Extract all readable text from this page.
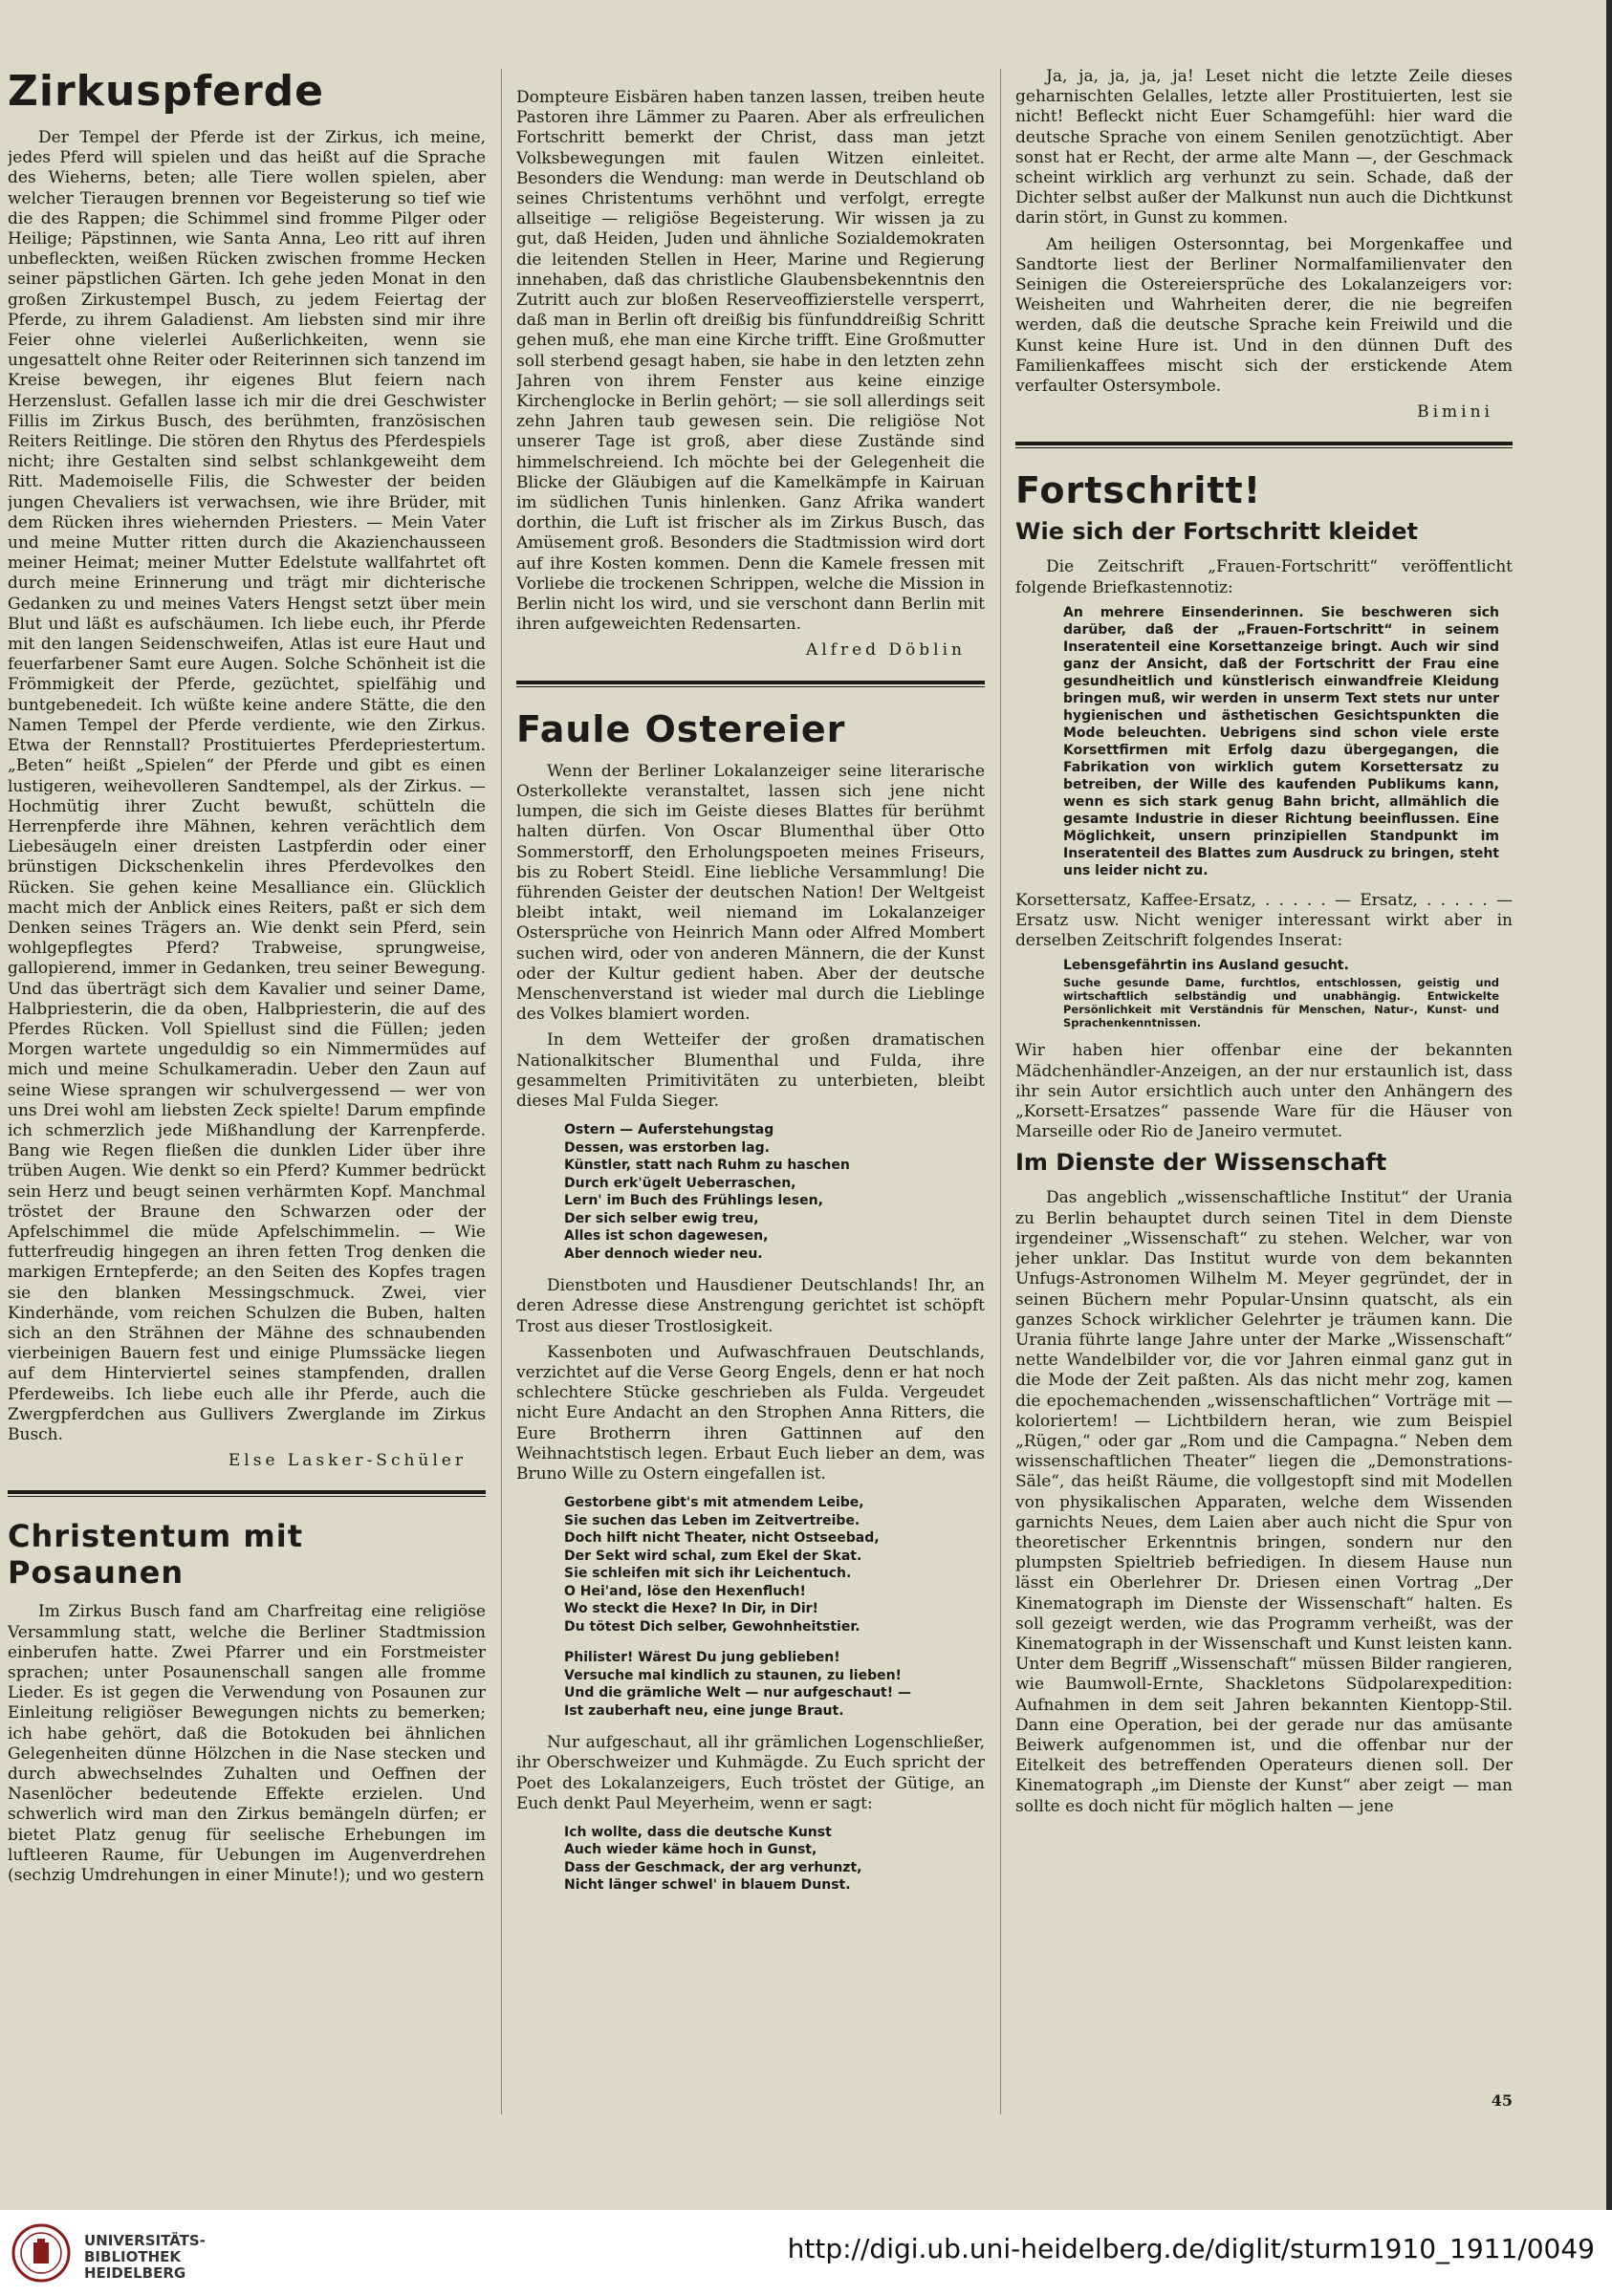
Zirkuspferde

Der Tempel der Pferde ist der Zirkus, ich meine, jedes Pferd will spielen und das heißt auf die Sprache des Wieherns, beten; alle Tiere wollen spielen, aber welcher Tieraugen brennen vor Begeisterung so tief wie die des Rappen; die Schimmel sind fromme Pilger oder Heilige; Päpstinnen, wie Santa Anna, Leo ritt auf ihren unbefleckten, weißen Rücken zwischen fromme Hecken seiner päpstlichen Gärten. Ich gehe jeden Monat in den großen Zirkustempel Busch, zu jedem Feiertag der Pferde, zu ihrem Galadienst. Am liebsten sind mir ihre Feier ohne vielerlei Außerlichkeiten, wenn sie ungesattelt ohne Reiter oder Reiterinnen sich tanzend im Kreise bewegen, ihr eigenes Blut feiern nach Herzenslust. Gefallen lasse ich mir die drei Geschwister Fillis im Zirkus Busch, des berühmten, französischen Reiters Reitlinge. Die stören den Rhytus des Pferdespiels nicht; ihre Gestalten sind selbst schlankgeweiht dem Ritt. Mademoiselle Filis, die Schwester der beiden jungen Chevaliers ist verwachsen, wie ihre Brüder, mit dem Rücken ihres wiehernden Priesters. — Mein Vater und meine Mutter ritten durch die Akazienchausseen meiner Heimat; meiner Mutter Edelstute wallfahrtet oft durch meine Erinnerung und trägt mir dichterische Gedanken zu und meines Vaters Hengst setzt über mein Blut und läßt es aufschäumen. Ich liebe euch, ihr Pferde mit den langen Seidenschweifen, Atlas ist eure Haut und feuerfarbener Samt eure Augen. Solche Schönheit ist die Frömmigkeit der Pferde, gezüchtet, spielfähig und buntgebenedeit. Ich wüßte keine andere Stätte, die den Namen Tempel der Pferde verdiente, wie den Zirkus. Etwa der Rennstall? Prostituiertes Pferdepriestertum. „Beten“ heißt „Spielen“ der Pferde und gibt es einen lustigeren, weihevolleren Sandtempel, als der Zirkus. — Hochmütig ihrer Zucht bewußt, schütteln die Herrenpferde ihre Mähnen, kehren verächtlich dem Liebesäugeln einer dreisten Lastpferdin oder einer brünstigen Dickschenkelin ihres Pferdevolkes den Rücken. Sie gehen keine Mesalliance ein. Glücklich macht mich der Anblick eines Reiters, paßt er sich dem Denken seines Trägers an. Wie denkt sein Pferd, sein wohlgepflegtes Pferd? Trabweise, sprungweise, gallopierend, immer in Gedanken, treu seiner Bewegung. Und das überträgt sich dem Kavalier und seiner Dame, Halbpriesterin, die da oben, Halbpriesterin, die auf des Pferdes Rücken. Voll Spiellust sind die Füllen; jeden Morgen wartete ungeduldig so ein Nimmermüdes auf mich und meine Schulkameradin. Ueber den Zaun auf seine Wiese sprangen wir schulvergessend — wer von uns Drei wohl am liebsten Zeck spielte! Darum empfinde ich schmerzlich jede Mißhandlung der Karrenpferde. Bang wie Regen fließen die dunklen Lider über ihre trüben Augen. Wie denkt so ein Pferd? Kummer bedrückt sein Herz und beugt seinen verhärmten Kopf. Manchmal tröstet der Braune den Schwarzen oder der Apfelschimmel die müde Apfelschimmelin. — Wie futterfreudig hingegen an ihren fetten Trog denken die markigen Erntepferde; an den Seiten des Kopfes tragen sie den blanken Messingschmuck. Zwei, vier Kinderhände, vom reichen Schulzen die Buben, halten sich an den Strähnen der Mähne des schnaubenden vierbeinigen Bauern fest und einige Plumssäcke liegen auf dem Hinterviertel seines stampfenden, drallen Pferdeweibs. Ich liebe euch alle ihr Pferde, auch die Zwergpferdchen aus Gullivers Zwerglande im Zirkus Busch.

Else Lasker-Schüler
Christentum mit Posaunen

Im Zirkus Busch fand am Charfreitag eine religiöse Versammlung statt, welche die Berliner Stadtmission einberufen hatte. Zwei Pfarrer und ein Forstmeister sprachen; unter Posaunenschall sangen alle fromme Lieder. Es ist gegen die Verwendung von Posaunen zur Einleitung religiöser Bewegungen nichts zu bemerken; ich habe gehört, daß die Botokuden bei ähnlichen Gelegenheiten dünne Hölzchen in die Nase stecken und durch abwechselndes Zuhalten und Oeffnen der Nasenlöcher bedeutende Effekte erzielen. Und schwerlich wird man den Zirkus bemängeln dürfen; er bietet Platz genug für seelische Erhebungen im luftleeren Raume, für Uebungen im Augenverdrehen (sechzig Umdrehungen in einer Minute!); und wo gestern

Dompteure Eisbären haben tanzen lassen, treiben heute Pastoren ihre Lämmer zu Paaren. Aber als erfreulichen Fortschritt bemerkt der Christ, dass man jetzt Volksbewegungen mit faulen Witzen einleitet. Besonders die Wendung: man werde in Deutschland ob seines Christentums verhöhnt und verfolgt, erregte allseitige — religiöse Begeisterung. Wir wissen ja zu gut, daß Heiden, Juden und ähnliche Sozialdemokraten die leitenden Stellen in Heer, Marine und Regierung innehaben, daß das christliche Glaubensbekenntnis den Zutritt auch zur bloßen Reserveoffizierstelle versperrt, daß man in Berlin oft dreißig bis fünfunddreißig Schritt gehen muß, ehe man eine Kirche trifft. Eine Großmutter soll sterbend gesagt haben, sie habe in den letzten zehn Jahren von ihrem Fenster aus keine einzige Kirchenglocke in Berlin gehört; — sie soll allerdings seit zehn Jahren taub gewesen sein. Die religiöse Not unserer Tage ist groß, aber diese Zustände sind himmelschreiend. Ich möchte bei der Gelegenheit die Blicke der Gläubigen auf die Kamelkämpfe in Kairuan im südlichen Tunis hinlenken. Ganz Afrika wandert dorthin, die Luft ist frischer als im Zirkus Busch, das Amüsement groß. Besonders die Stadtmission wird dort auf ihre Kosten kommen. Denn die Kamele fressen mit Vorliebe die trockenen Schrippen, welche die Mission in Berlin nicht los wird, und sie verschont dann Berlin mit ihren aufgeweichten Redensarten.

Alfred Döblin
Faule Ostereier

Wenn der Berliner Lokalanzeiger seine literarische Osterkollekte veranstaltet, lassen sich jene nicht lumpen, die sich im Geiste dieses Blattes für berühmt halten dürfen. Von Oscar Blumenthal über Otto Sommerstorff, den Erholungspoeten meines Friseurs, bis zu Robert Steidl. Eine liebliche Versammlung! Die führenden Geister der deutschen Nation! Der Weltgeist bleibt intakt, weil niemand im Lokalanzeiger Ostersprüche von Heinrich Mann oder Alfred Mombert suchen wird, oder von anderen Männern, die der Kunst oder der Kultur gedient haben. Aber der deutsche Menschenverstand ist wieder mal durch die Lieblinge des Volkes blamiert worden.

In dem Wetteifer der großen dramatischen Nationalkitscher Blumenthal und Fulda, ihre gesammelten Primitivitäten zu unterbieten, bleibt dieses Mal Fulda Sieger.

Ostern — Auferstehungstag
Dessen, was erstorben lag.
Künstler, statt nach Ruhm zu haschen
Durch erk'ügelt Ueberraschen,
Lern' im Buch des Frühlings lesen,
Der sich selber ewig treu,
Alles ist schon dagewesen,
Aber dennoch wieder neu.

Dienstboten und Hausdiener Deutschlands! Ihr, an deren Adresse diese Anstrengung gerichtet ist schöpft Trost aus dieser Trostlosigkeit.

Kassenboten und Aufwaschfrauen Deutschlands, verzichtet auf die Verse Georg Engels, denn er hat noch schlechtere Stücke geschrieben als Fulda. Vergeudet nicht Eure Andacht an den Strophen Anna Ritters, die Eure Brotherrn ihren Gattinnen auf den Weihnachtstisch legen. Erbaut Euch lieber an dem, was Bruno Wille zu Ostern eingefallen ist.

Gestorbene gibt's mit atmendem Leibe,
Sie suchen das Leben im Zeitvertreibe.
Doch hilft nicht Theater, nicht Ostseebad,
Der Sekt wird schal, zum Ekel der Skat.
Sie schleifen mit sich ihr Leichentuch.
O Hei'and, löse den Hexenfluch!
Wo steckt die Hexe? In Dir, in Dir!
Du tötest Dich selber, Gewohnheitstier.
Philister! Wärest Du jung geblieben!
Versuche mal kindlich zu staunen, zu lieben!
Und die grämliche Welt — nur aufgeschaut! —
Ist zauberhaft neu, eine junge Braut.

Nur aufgeschaut, all ihr grämlichen Logenschließer, ihr Oberschweizer und Kuhmägde. Zu Euch spricht der Poet des Lokalanzeigers, Euch tröstet der Gütige, an Euch denkt Paul Meyerheim, wenn er sagt:

Ich wollte, dass die deutsche Kunst
Auch wieder käme hoch in Gunst,
Dass der Geschmack, der arg verhunzt,
Nicht länger schwel' in blauem Dunst.

Ja, ja, ja, ja, ja! Leset nicht die letzte Zeile dieses geharnischten Gelalles, letzte aller Prostituierten, lest sie nicht! Befleckt nicht Euer Schamgefühl: hier ward die deutsche Sprache von einem Senilen genotzüchtigt. Aber sonst hat er Recht, der arme alte Mann —, der Geschmack scheint wirklich arg verhunzt zu sein. Schade, daß der Dichter selbst außer der Malkunst nun auch die Dichtkunst darin stört, in Gunst zu kommen.

Am heiligen Ostersonntag, bei Morgenkaffee und Sandtorte liest der Berliner Normalfamilienvater den Seinigen die Ostereiersprüche des Lokalanzeigers vor: Weisheiten und Wahrheiten derer, die nie begreifen werden, daß die deutsche Sprache kein Freiwild und die Kunst keine Hure ist. Und in den dünnen Duft des Familienkaffees mischt sich der erstickende Atem verfaulter Ostersymbole.

Bimini
Fortschritt!
Wie sich der Fortschritt kleidet

Die Zeitschrift „Frauen-Fortschritt“ veröffentlicht folgende Briefkastennotiz:

An mehrere Einsenderinnen. Sie beschweren sich darüber, daß der „Frauen-Fortschritt“ in seinem Inseratenteil eine Korsettanzeige bringt. Auch wir sind ganz der Ansicht, daß der Fortschritt der Frau eine gesundheitlich und künstlerisch einwandfreie Kleidung bringen muß, wir werden in unserm Text stets nur unter hygienischen und ästhetischen Gesichtspunkten die Mode beleuchten. Uebrigens sind schon viele erste Korsettfirmen mit Erfolg dazu übergegangen, die Fabrikation von wirklich gutem Korsettersatz zu betreiben, der Wille des kaufenden Publikums kann, wenn es sich stark genug Bahn bricht, allmählich die gesamte Industrie in dieser Richtung beeinflussen. Eine Möglichkeit, unsern prinzipiellen Standpunkt im Inseratenteil des Blattes zum Ausdruck zu bringen, steht uns leider nicht zu.

Korsettersatz, Kaffee-Ersatz, . . . . . — Ersatz, . . . . . — Ersatz usw. Nicht weniger interessant wirkt aber in derselben Zeitschrift folgendes Inserat:

Lebensgefährtin ins Ausland gesucht.
Suche gesunde Dame, furchtlos, entschlossen, geistig und wirtschaftlich selbständig und unabhängig. Entwickelte Persönlichkeit mit Verständnis für Menschen, Natur-, Kunst- und Sprachenkenntnissen.

Wir haben hier offenbar eine der bekannten Mädchenhändler-Anzeigen, an der nur erstaunlich ist, dass ihr sein Autor ersichtlich auch unter den Anhängern des „Korsett-Ersatzes“ passende Ware für die Häuser von Marseille oder Rio de Janeiro vermutet.

Im Dienste der Wissenschaft

Das angeblich „wissenschaftliche Institut“ der Urania zu Berlin behauptet durch seinen Titel in dem Dienste irgendeiner „Wissenschaft“ zu stehen. Welcher, war von jeher unklar. Das Institut wurde von dem bekannten Unfugs-Astronomen Wilhelm M. Meyer gegründet, der in seinen Büchern mehr Popular-Unsinn quatscht, als ein ganzes Schock wirklicher Gelehrter je träumen kann. Die Urania führte lange Jahre unter der Marke „Wissenschaft“ nette Wandelbilder vor, die vor Jahren einmal ganz gut in die Mode der Zeit paßten. Als das nicht mehr zog, kamen die epochemachenden „wissenschaftlichen“ Vorträge mit — koloriertem! — Lichtbildern heran, wie zum Beispiel „Rügen,“ oder gar „Rom und die Campagna.“ Neben dem wissenschaftlichen Theater“ liegen die „Demonstrations-Säle“, das heißt Räume, die vollgestopft sind mit Modellen von physikalischen Apparaten, welche dem Wissenden garnichts Neues, dem Laien aber auch nicht die Spur von theoretischer Erkenntnis bringen, sondern nur den plumpsten Spieltrieb befriedigen. In diesem Hause nun lässt ein Oberlehrer Dr. Driesen einen Vortrag „Der Kinematograph im Dienste der Wissenschaft“ halten. Es soll gezeigt werden, wie das Programm verheißt, was der Kinematograph in der Wissenschaft und Kunst leisten kann. Unter dem Begriff „Wissenschaft“ müssen Bilder rangieren, wie Baumwoll-Ernte, Shackletons Südpolarexpedition: Aufnahmen in dem seit Jahren bekannten Kientopp-Stil. Dann eine Operation, bei der gerade nur das amüsante Beiwerk aufgenommen ist, und die offenbar nur der Eitelkeit des betreffenden Operateurs dienen soll. Der Kinematograph „im Dienste der Kunst“ aber zeigt — man sollte es doch nicht für möglich halten — jene

45
UNIVERSITÄTS-
BIBLIOTHEK
HEIDELBERG
http://digi.ub.uni-heidelberg.de/diglit/sturm1910_1911/0049
